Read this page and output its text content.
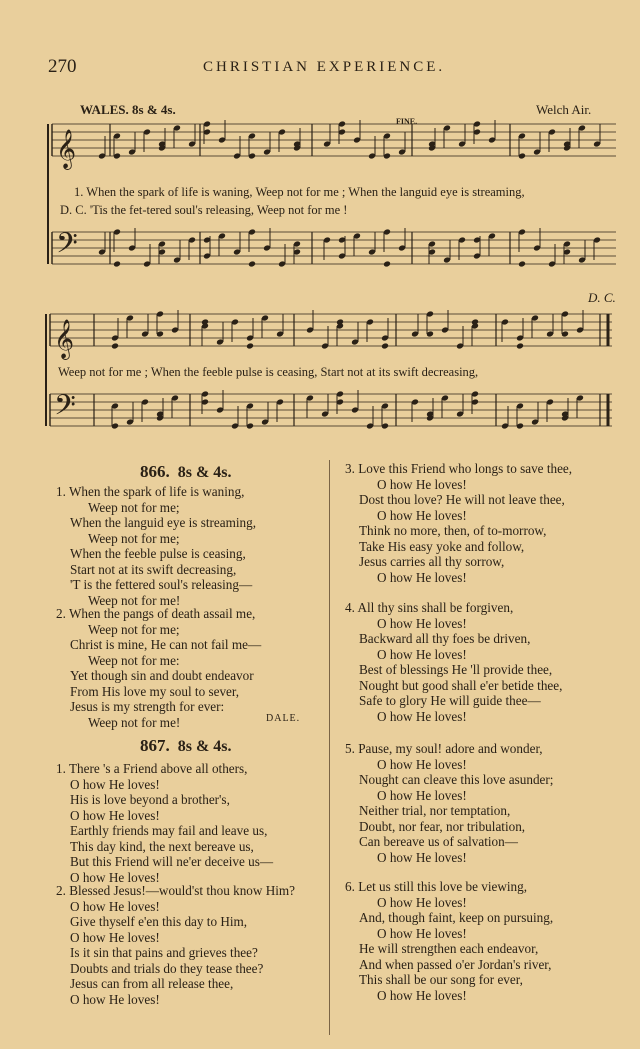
270	CHRISTIAN EXPERIENCE.
WALES. 8s & 4s.	Welch Air.
FINE.
𝄞
𝄢
𝄞
𝄢
1. When the spark of life is waning, Weep not for me ; When the languid eye is streaming,
D. C. 'Tis the fet-tered soul's releasing, Weep not for me !
D. C.
Weep not for me ; When the feeble pulse is ceasing, Start not at its swift decreasing,
866. 8s & 4s.
1. When the spark of life is waning,
Weep not for me;
When the languid eye is streaming,
Weep not for me;
When the feeble pulse is ceasing,
Start not at its swift decreasing,
'T is the fettered soul's releasing—
Weep not for me!
2. When the pangs of death assail me,
Weep not for me;
Christ is mine, He can not fail me—
Weep not for me:
Yet though sin and doubt endeavor
From His love my soul to sever,
Jesus is my strength for ever:
Weep not for me!	DALE.
867. 8s & 4s.
1. There 's a Friend above all others,
O how He loves!
His is love beyond a brother's,
O how He loves!
Earthly friends may fail and leave us,
This day kind, the next bereave us,
But this Friend will ne'er deceive us—
O how He loves!
2. Blessed Jesus!—would'st thou know Him?
O how He loves!
Give thyself e'en this day to Him,
O how He loves!
Is it sin that pains and grieves thee?
Doubts and trials do they tease thee?
Jesus can from all release thee,
O how He loves!
3. Love this Friend who longs to save thee,
O how He loves!
Dost thou love? He will not leave thee,
O how He loves!
Think no more, then, of to-morrow,
Take His easy yoke and follow,
Jesus carries all thy sorrow,
O how He loves!
4. All thy sins shall be forgiven,
O how He loves!
Backward all thy foes be driven,
O how He loves!
Best of blessings He 'll provide thee,
Nought but good shall e'er betide thee,
Safe to glory He will guide thee—
O how He loves!
5. Pause, my soul! adore and wonder,
O how He loves!
Nought can cleave this love asunder;
O how He loves!
Neither trial, nor temptation,
Doubt, nor fear, nor tribulation,
Can bereave us of salvation—
O how He loves!
6. Let us still this love be viewing,
O how He loves!
And, though faint, keep on pursuing,
O how He loves!
He will strengthen each endeavor,
And when passed o'er Jordan's river,
This shall be our song for ever,
O how He loves!
